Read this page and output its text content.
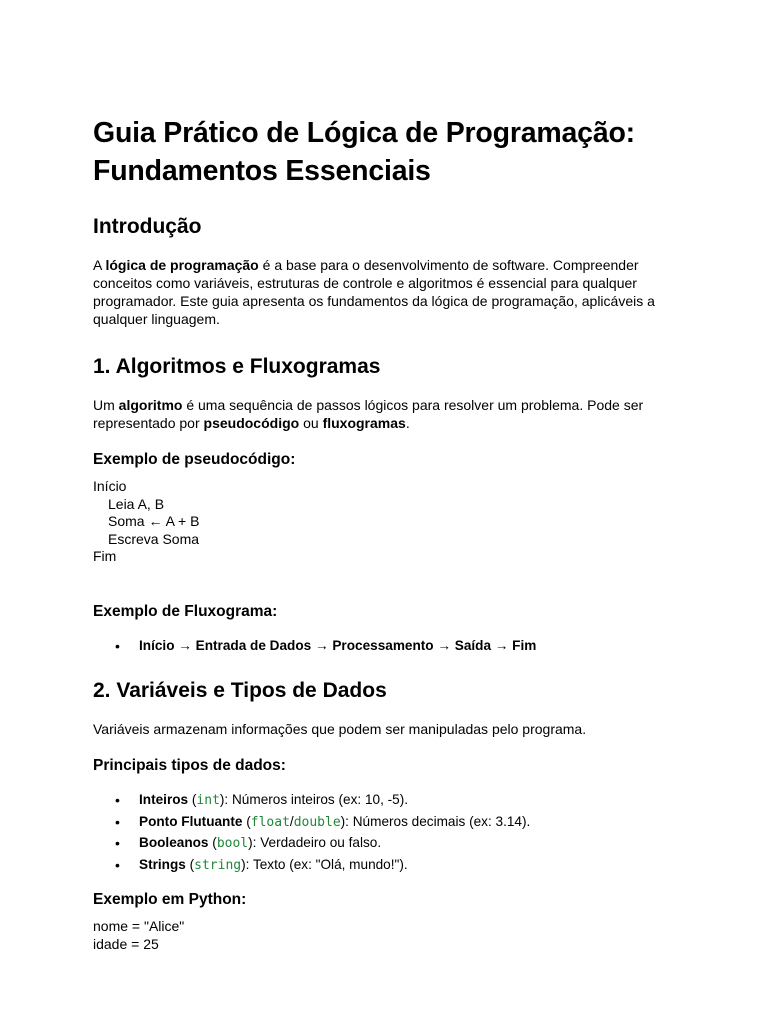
Guia Prático de Lógica de Programação:
Fundamentos Essenciais
Introdução

A lógica de programação é a base para o desenvolvimento de software. Compreender conceitos como variáveis, estruturas de controle e algoritmos é essencial para qualquer programador. Este guia apresenta os fundamentos da lógica de programação, aplicáveis a qualquer linguagem.

1. Algoritmos e Fluxogramas

Um algoritmo é uma sequência de passos lógicos para resolver um problema. Pode ser representado por pseudocódigo ou fluxogramas.

Exemplo de pseudocódigo:
Início
Leia A, B
Soma ← A + B
Escreva Soma
Fim
Exemplo de Fluxograma:
• Início → Entrada de Dados → Processamento → Saída → Fim
2. Variáveis e Tipos de Dados

Variáveis armazenam informações que podem ser manipuladas pelo programa.

Principais tipos de dados:
• Inteiros (int): Números inteiros (ex: 10, -5).
• Ponto Flutuante (float/double): Números decimais (ex: 3.14).
• Booleanos (bool): Verdadeiro ou falso.
• Strings (string): Texto (ex: "Olá, mundo!").
Exemplo em Python:
nome = "Alice"
idade = 25
